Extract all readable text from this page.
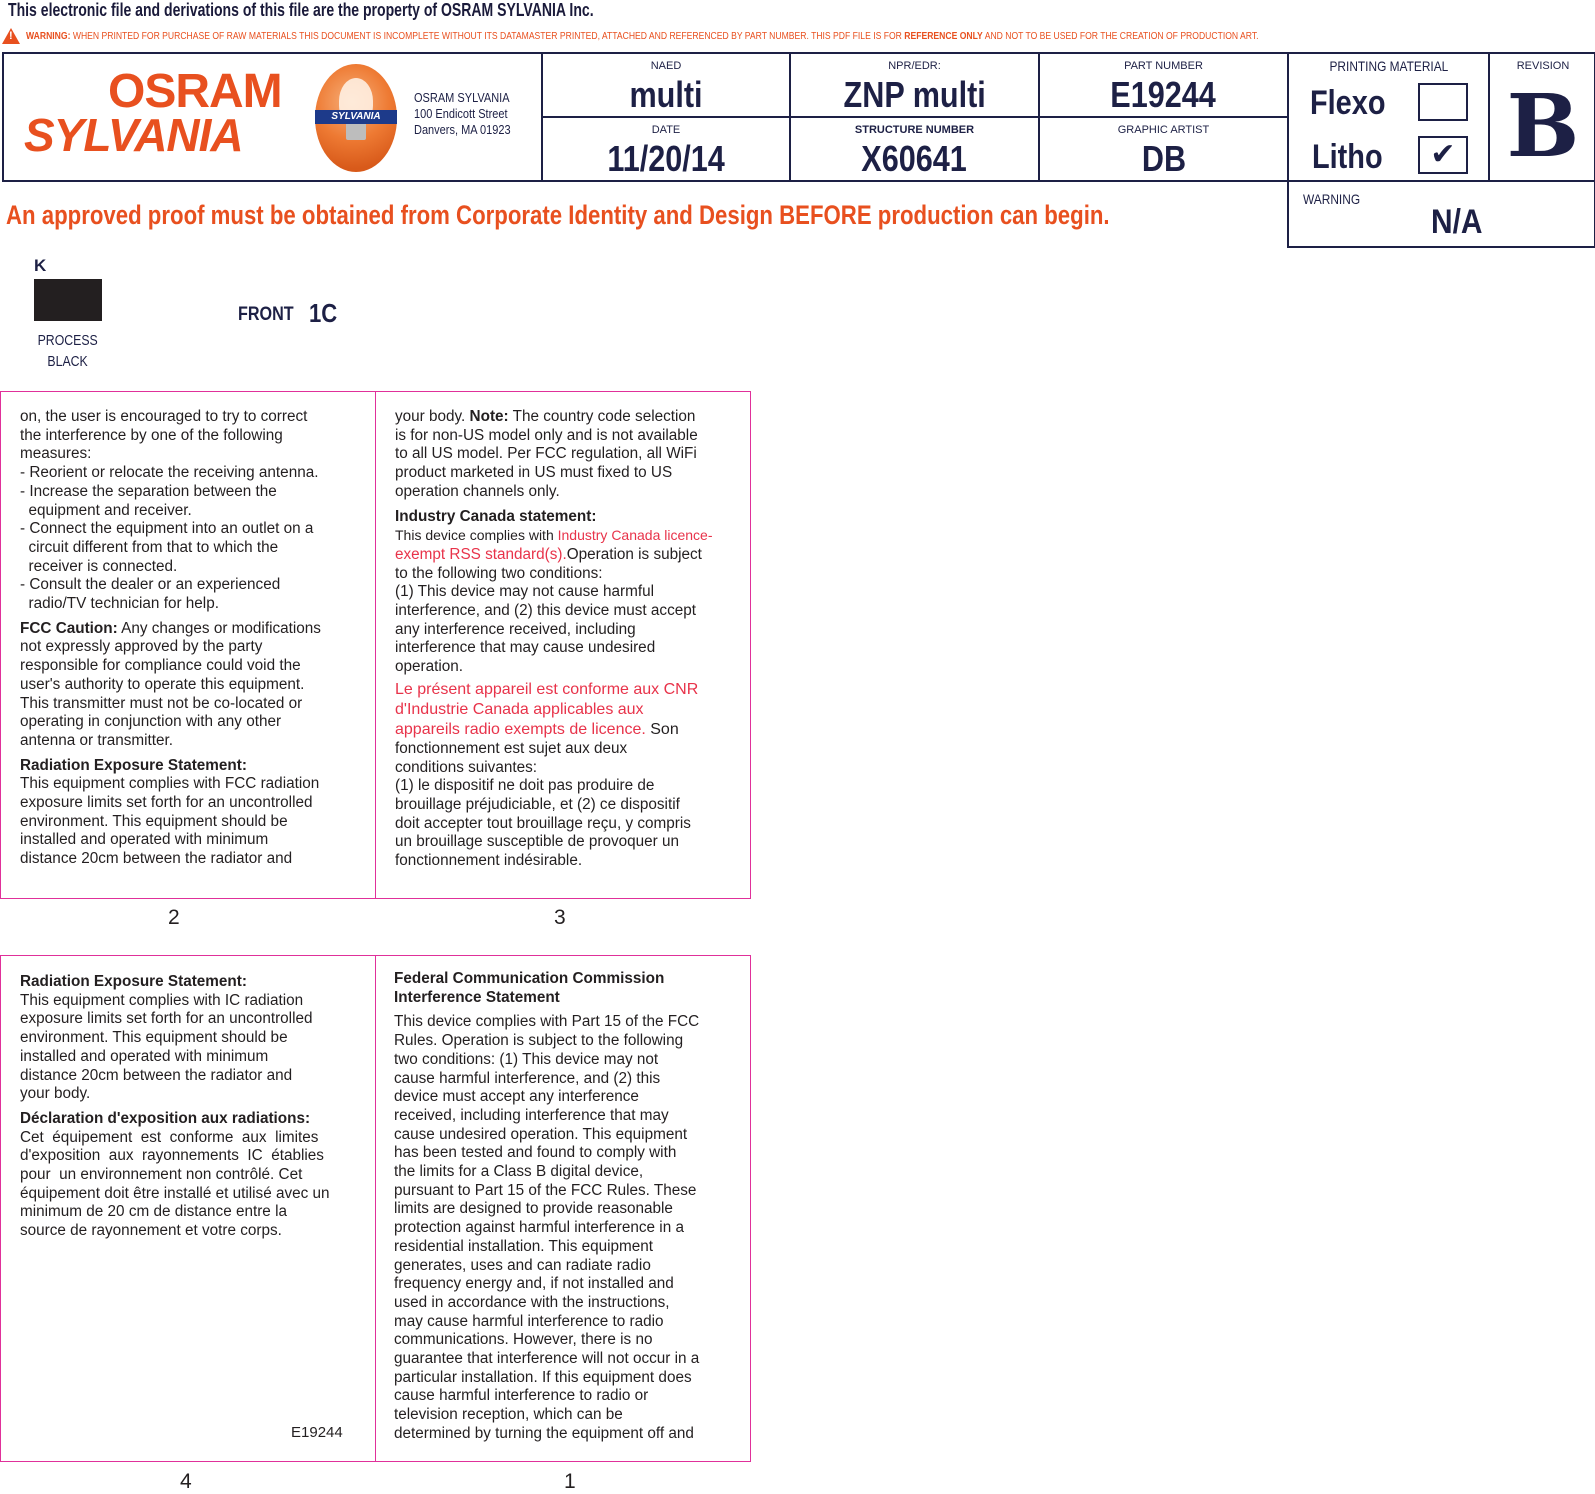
This electronic file and derivations of this file are the property of OSRAM SYLVANIA Inc.
! WARNING: WHEN PRINTED FOR PURCHASE OF RAW MATERIALS THIS DOCUMENT IS INCOMPLETE WITHOUT ITS DATAMASTER PRINTED, ATTACHED AND REFERENCED BY PART NUMBER. THIS PDF FILE IS FOR REFERENCE ONLY AND NOT TO BE USED FOR THE CREATION OF PRODUCTION ART.
OSRAM
SYLVANIA	SYLVANIA
OSRAM SYLVANIA
100 Endicott Street
Danvers, MA 01923
NAED
multi
NPR/EDR:
ZNP multi
PART NUMBER
E19244
DATE
11/20/14
STRUCTURE NUMBER
X60641
GRAPHIC ARTIST
DB
PRINTING MATERIAL
Flexo
Litho	✔
REVISION
B
WARNING
N/A
An approved proof must be obtained from Corporate Identity and Design BEFORE production can begin.
K
PROCESS
BLACK
FRONT 1C

on, the user is encouraged to try to correct

the interference by one of the following

measures:

- Reorient or relocate the receiving antenna.

- Increase the separation between the

equipment and receiver.

- Connect the equipment into an outlet on a

circuit different from that to which the

receiver is connected.

- Consult the dealer or an experienced

radio/TV technician for help.

FCC Caution: Any changes or modifications

not expressly approved by the party

responsible for compliance could void the

user's authority to operate this equipment.

This transmitter must not be co-located or

operating in conjunction with any other

antenna or transmitter.

Radiation Exposure Statement:

This equipment complies with FCC radiation

exposure limits set forth for an uncontrolled

environment. This equipment should be

installed and operated with minimum

distance 20cm between the radiator and

your body. Note: The country code selection

is for non-US model only and is not available

to all US model. Per FCC regulation, all WiFi

product marketed in US must fixed to US

operation channels only.

Industry Canada statement:

This device complies with Industry Canada licence-

exempt RSS standard(s).Operation is subject

to the following two conditions:

(1) This device may not cause harmful

interference, and (2) this device must accept

any interference received, including

interference that may cause undesired

operation.

Le présent appareil est conforme aux CNR

d'Industrie Canada applicables aux

appareils radio exempts de licence. Son

fonctionnement est sujet aux deux

conditions suivantes:

(1) le dispositif ne doit pas produire de

brouillage préjudiciable, et (2) ce dispositif

doit accepter tout brouillage reçu, y compris

un brouillage susceptible de provoquer un

fonctionnement indésirable.

2	3

Radiation Exposure Statement:

This equipment complies with IC radiation

exposure limits set forth for an uncontrolled

environment. This equipment should be

installed and operated with minimum

distance 20cm between the radiator and

your body.

Déclaration d'exposition aux radiations:

Cet  équipement  est  conforme  aux  limites

d'exposition  aux  rayonnements  IC  établies

pour  un environnement non contrôlé. Cet

équipement doit être installé et utilisé avec un

minimum de 20 cm de distance entre la

source de rayonnement et votre corps.

E19244

Federal Communication Commission

Interference Statement

This device complies with Part 15 of the FCC

Rules. Operation is subject to the following

two conditions: (1) This device may not

cause harmful interference, and (2) this

device must accept any interference

received, including interference that may

cause undesired operation. This equipment

has been tested and found to comply with

the limits for a Class B digital device,

pursuant to Part 15 of the FCC Rules. These

limits are designed to provide reasonable

protection against harmful interference in a

residential installation. This equipment

generates, uses and can radiate radio

frequency energy and, if not installed and

used in accordance with the instructions,

may cause harmful interference to radio

communications. However, there is no

guarantee that interference will not occur in a

particular installation. If this equipment does

cause harmful interference to radio or

television reception, which can be

determined by turning the equipment off and

4	1
